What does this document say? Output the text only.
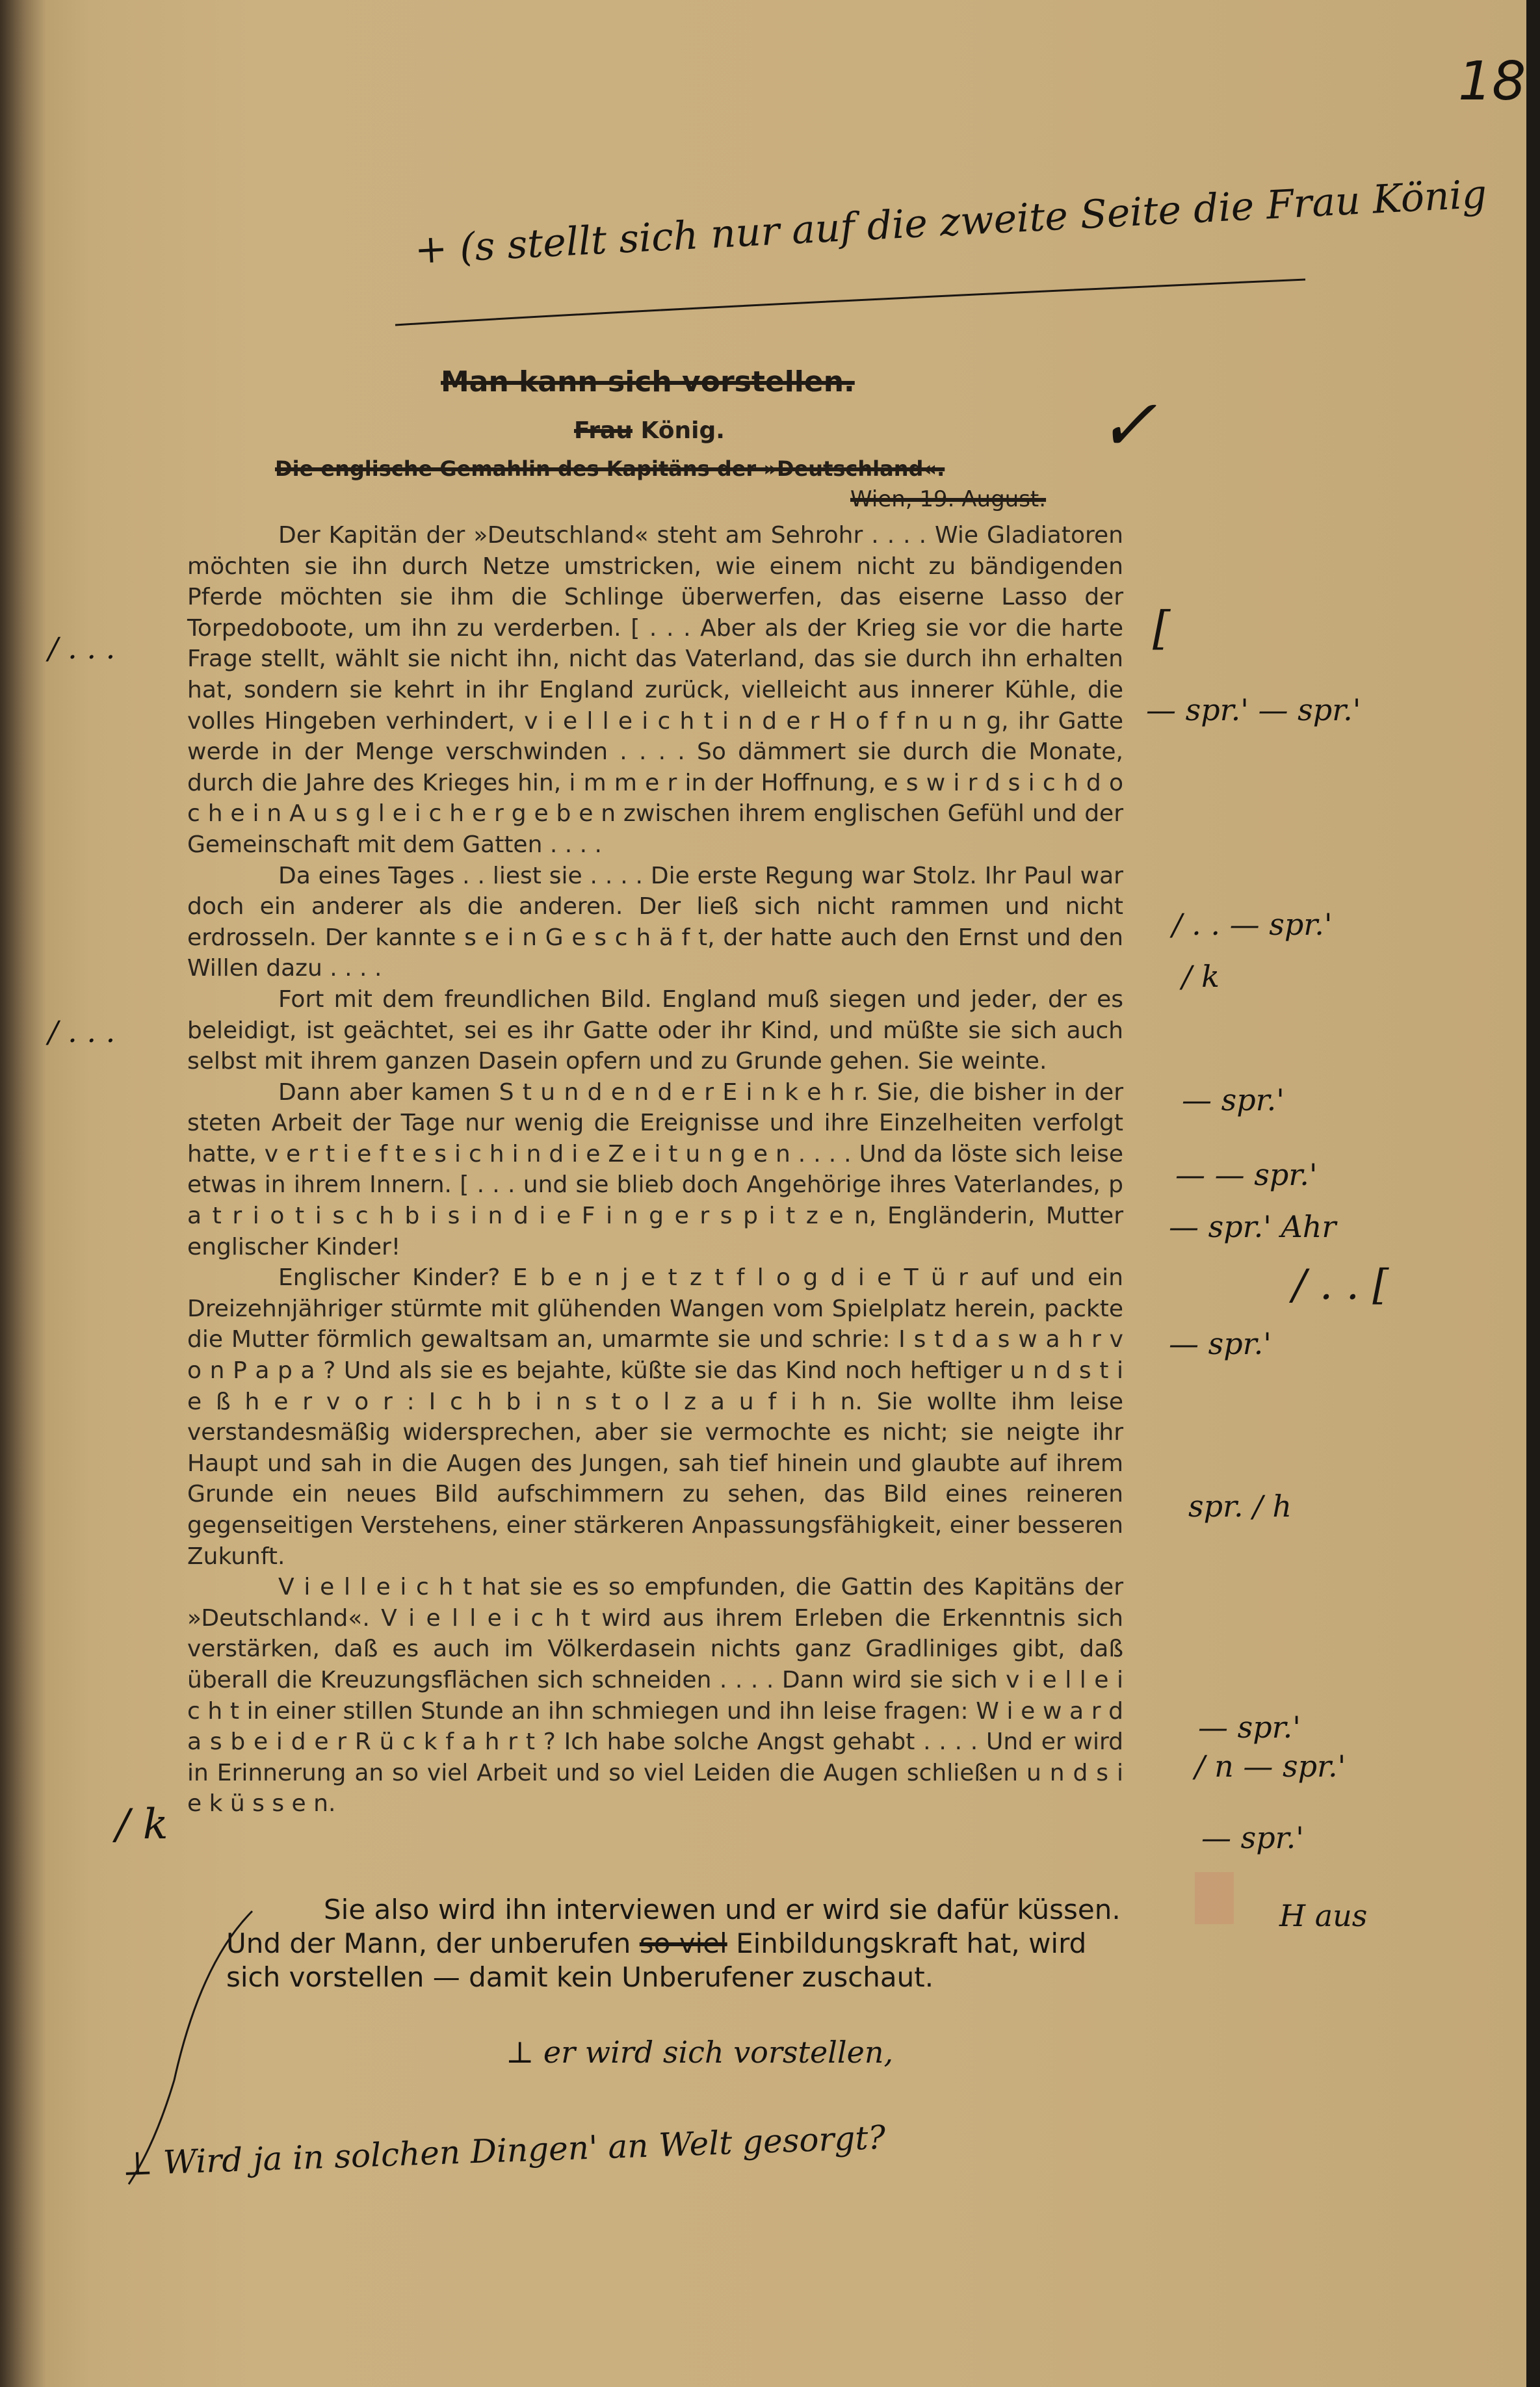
18
+ (s stellt sich nur auf die zweite Seite die Frau König
Man kann sich vorstellen.
Frau König.
Die englische Gemahlin des Kapitäns der »Deutschland«.
Wien, 19. August.
✓

Der Kapitän der »Deutschland« steht am Sehrohr . . . . Wie Gladiatoren möchten sie ihn durch Netze umstricken, wie einem nicht zu bändigenden Pferde möchten sie ihm die Schlinge überwerfen, das eiserne Lasso der Torpedoboote, um ihn zu verderben. [ . . . Aber als der Krieg sie vor die harte Frage stellt, wählt sie nicht ihn, nicht das Vaterland, das sie durch ihn erhalten hat, sondern sie kehrt in ihr England zurück, vielleicht aus innerer Kühle, die volles Hingeben verhindert, v i e l l e i c h t i n d e r H o f f n u n g, ihr Gatte werde in der Menge verschwinden . . . . So dämmert sie durch die Monate, durch die Jahre des Krieges hin, i m m e r in der Hoffnung, e s w i r d s i c h d o c h e i n A u s g l e i c h e r g e b e n zwischen ihrem englischen Gefühl und der Gemeinschaft mit dem Gatten . . . .

Da eines Tages . . liest sie . . . . Die erste Regung war Stolz. Ihr Paul war doch ein anderer als die anderen. Der ließ sich nicht rammen und nicht erdrosseln. Der kannte s e i n G e s c h ä f t, der hatte auch den Ernst und den Willen dazu . . . .

Fort mit dem freundlichen Bild. England muß siegen und jeder, der es beleidigt, ist geächtet, sei es ihr Gatte oder ihr Kind, und müßte sie sich auch selbst mit ihrem ganzen Dasein opfern und zu Grunde gehen. Sie weinte.

Dann aber kamen S t u n d e n d e r E i n k e h r. Sie, die bisher in der steten Arbeit der Tage nur wenig die Ereignisse und ihre Einzelheiten verfolgt hatte, v e r t i e f t e s i c h i n d i e Z e i t u n g e n . . . . Und da löste sich leise etwas in ihrem Innern. [ . . . und sie blieb doch Angehörige ihres Vaterlandes, p a t r i o t i s c h b i s i n d i e F i n g e r s p i t z e n, Engländerin, Mutter englischer Kinder!

Englischer Kinder? E b e n j e t z t f l o g d i e T ü r auf und ein Dreizehnjähriger stürmte mit glühenden Wangen vom Spielplatz herein, packte die Mutter förmlich gewaltsam an, umarmte sie und schrie: I s t d a s w a h r v o n P a p a ? Und als sie es bejahte, küßte sie das Kind noch heftiger u n d s t i e ß h e r v o r : I c h b i n s t o l z a u f i h n. Sie wollte ihm leise verstandesmäßig widersprechen, aber sie vermochte es nicht; sie neigte ihr Haupt und sah in die Augen des Jungen, sah tief hinein und glaubte auf ihrem Grunde ein neues Bild aufschimmern zu sehen, das Bild eines reineren gegenseitigen Verstehens, einer stärkeren Anpassungsfähigkeit, einer besseren Zukunft.

V i e l l e i c h t hat sie es so empfunden, die Gattin des Kapitäns der »Deutschland«. V i e l l e i c h t wird aus ihrem Erleben die Erkenntnis sich verstärken, daß es auch im Völkerdasein nichts ganz Gradliniges gibt, daß überall die Kreuzungsflächen sich schneiden . . . . Dann wird sie sich v i e l l e i c h t in einer stillen Stunde an ihn schmiegen und ihn leise fragen: W i e w a r d a s b e i d e r R ü c k f a h r t ? Ich habe solche Angst gehabt . . . . Und er wird in Erinnerung an so viel Arbeit und so viel Leiden die Augen schließen u n d s i e k ü s s e n.

Sie also wird ihn interviewen und er wird sie dafür küssen.

Und der Mann, der unberufen so viel Einbildungskraft hat, wird

sich vorstellen — damit kein Unberufener zuschaut.

⊥ er wird sich vorstellen,
⊥ Wird ja in solchen Dingen' an Welt gesorgt?
/ . . .
/ . . .
/ k
[
— spr.' — spr.'
/ . . — spr.'
/ k
— spr.'
— — spr.'
— spr.' Ahr
/ . . [
— spr.'
spr. / h
— spr.'
/ n — spr.'
— spr.'
H aus
